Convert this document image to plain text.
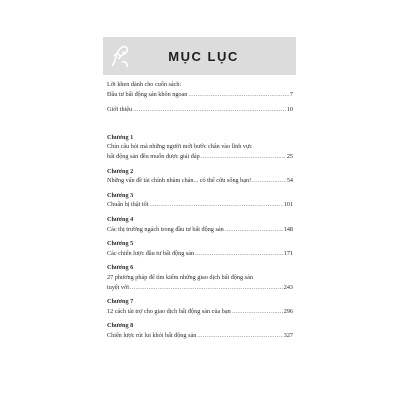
MỤC LỤC
Lời khen dành cho cuốn sách:
Đầu tư bất động sản khôn ngoan .....	7
Giới thiệu .....	10
Chương 1
Chín câu hỏi mà những người mới bước chân vào lĩnh vực
bất động sản đều muốn được giải đáp .....	25
Chương 2
Những vấn đề tài chính nhàm chán... có thể cứu sống bạn! .....	54
Chương 3
Chuẩn bị thật tốt .....	101
Chương 4
Các thị trường ngách trong đầu tư bất động sản .....	148
Chương 5
Các chiến lược đầu tư bất động sản .....	171
Chương 6
27 phương pháp để tìm kiếm những giao dịch bất động sản
tuyệt vời .....	243
Chương 7
12 cách tài trợ cho giao dịch bất động sản của bạn .....	296
Chương 8
Chiến lược rút lui khỏi bất động sản .....	327
